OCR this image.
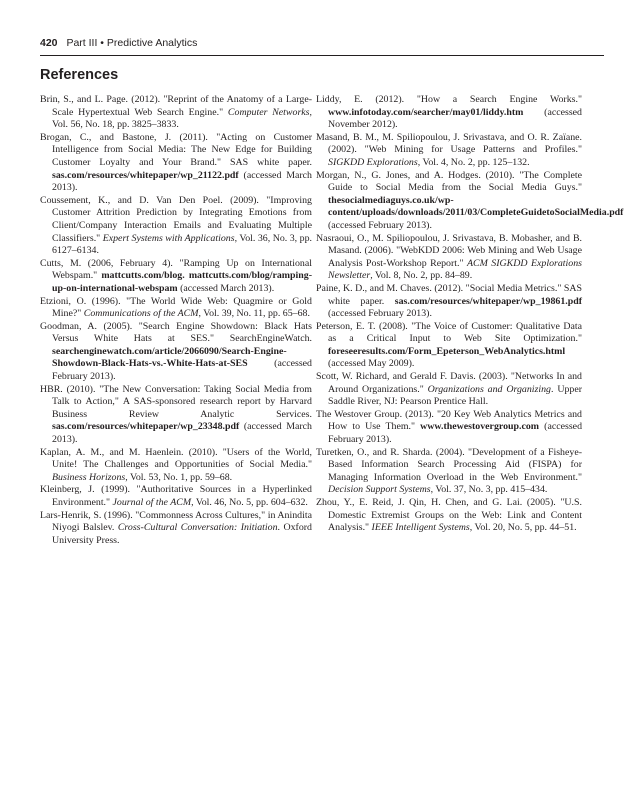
420 Part III • Predictive Analytics
References

Brin, S., and L. Page. (2012). "Reprint of the Anatomy of a Large-Scale Hypertextual Web Search Engine." Computer Networks, Vol. 56, No. 18, pp. 3825–3833.

Brogan, C., and Bastone, J. (2011). "Acting on Customer Intelligence from Social Media: The New Edge for Building Customer Loyalty and Your Brand." SAS white paper. sas.com/resources/whitepaper/wp_21122.pdf (accessed March 2013).

Coussement, K., and D. Van Den Poel. (2009). "Improving Customer Attrition Prediction by Integrating Emotions from Client/Company Interaction Emails and Evaluating Multiple Classifiers." Expert Systems with Applications, Vol. 36, No. 3, pp. 6127–6134.

Cutts, M. (2006, February 4). "Ramping Up on International Webspam." mattcutts.com/blog. mattcutts.com/blog/ramping-up-on-international-webspam (accessed March 2013).

Etzioni, O. (1996). "The World Wide Web: Quagmire or Gold Mine?" Communications of the ACM, Vol. 39, No. 11, pp. 65–68.

Goodman, A. (2005). "Search Engine Showdown: Black Hats Versus White Hats at SES." SearchEngineWatch. searchenginewatch.com/article/2066090/Search-Engine-Showdown-Black-Hats-vs.-White-Hats-at-SES (accessed February 2013).

HBR. (2010). "The New Conversation: Taking Social Media from Talk to Action," A SAS-sponsored research report by Harvard Business Review Analytic Services. sas.com/resources/whitepaper/wp_23348.pdf (accessed March 2013).

Kaplan, A. M., and M. Haenlein. (2010). "Users of the World, Unite! The Challenges and Opportunities of Social Media." Business Horizons, Vol. 53, No. 1, pp. 59–68.

Kleinberg, J. (1999). "Authoritative Sources in a Hyperlinked Environment." Journal of the ACM, Vol. 46, No. 5, pp. 604–632.

Lars-Henrik, S. (1996). "Commonness Across Cultures," in Anindita Niyogi Balslev. Cross-Cultural Conversation: Initiation. Oxford University Press.

Liddy, E. (2012). "How a Search Engine Works." www.infotoday.com/searcher/may01/liddy.htm (accessed November 2012).

Masand, B. M., M. Spiliopoulou, J. Srivastava, and O. R. Zaïane. (2002). "Web Mining for Usage Patterns and Profiles." SIGKDD Explorations, Vol. 4, No. 2, pp. 125–132.

Morgan, N., G. Jones, and A. Hodges. (2010). "The Complete Guide to Social Media from the Social Media Guys." thesocialmediaguys.co.uk/wp-content/uploads/downloads/2011/03/CompleteGuidetoSocialMedia.pdf (accessed February 2013).

Nasraoui, O., M. Spiliopoulou, J. Srivastava, B. Mobasher, and B. Masand. (2006). "WebKDD 2006: Web Mining and Web Usage Analysis Post-Workshop Report." ACM SIGKDD Explorations Newsletter, Vol. 8, No. 2, pp. 84–89.

Paine, K. D., and M. Chaves. (2012). "Social Media Metrics." SAS white paper. sas.com/resources/whitepaper/wp_19861.pdf (accessed February 2013).

Peterson, E. T. (2008). "The Voice of Customer: Qualitative Data as a Critical Input to Web Site Optimization." foreseeresults.com/Form_Epeterson_WebAnalytics.html (accessed May 2009).

Scott, W. Richard, and Gerald F. Davis. (2003). "Networks In and Around Organizations." Organizations and Organizing. Upper Saddle River, NJ: Pearson Prentice Hall.

The Westover Group. (2013). "20 Key Web Analytics Metrics and How to Use Them." www.thewestovergroup.com (accessed February 2013).

Turetken, O., and R. Sharda. (2004). "Development of a Fisheye-Based Information Search Processing Aid (FISPA) for Managing Information Overload in the Web Environment." Decision Support Systems, Vol. 37, No. 3, pp. 415–434.

Zhou, Y., E. Reid, J. Qin, H. Chen, and G. Lai. (2005). "U.S. Domestic Extremist Groups on the Web: Link and Content Analysis." IEEE Intelligent Systems, Vol. 20, No. 5, pp. 44–51.
